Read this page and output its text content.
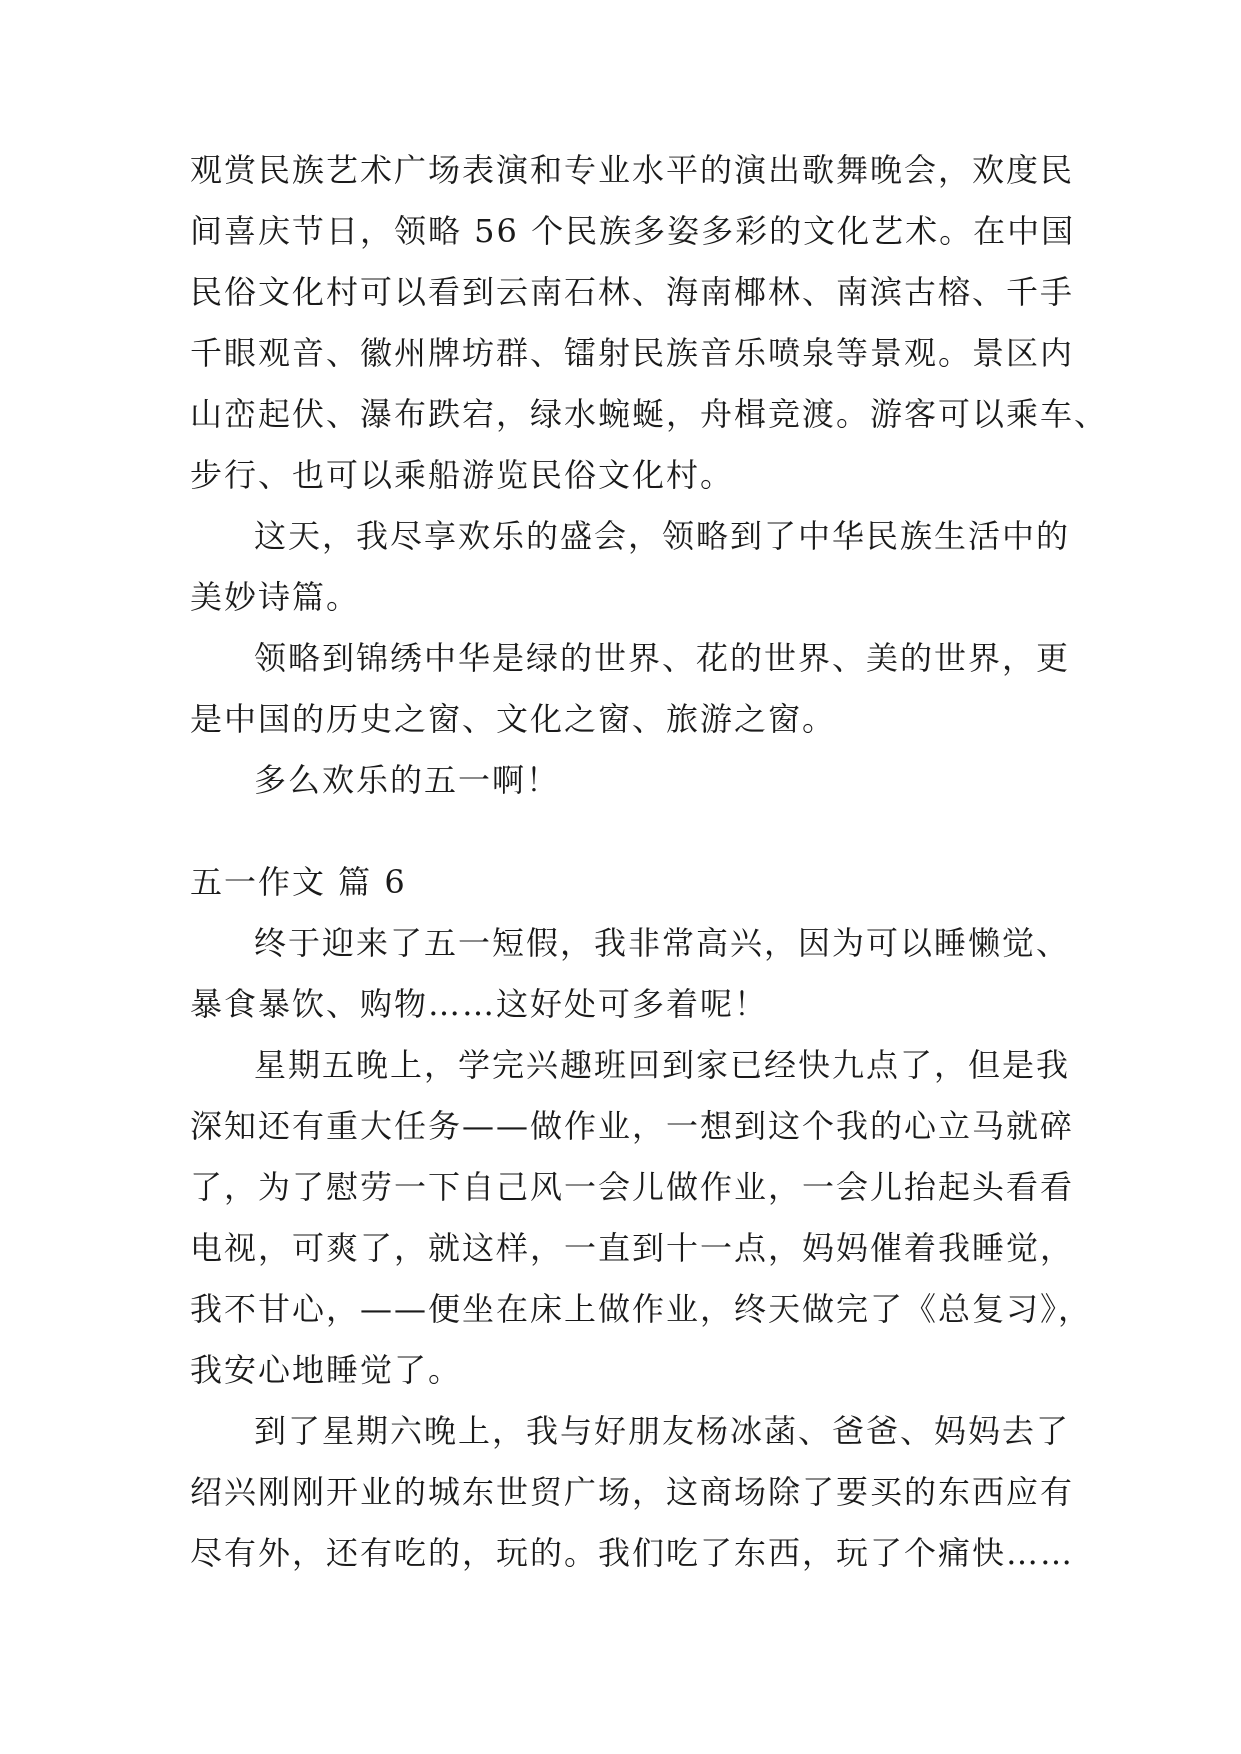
观赏民族艺术广场表演和专业水平的演出歌舞晚会，欢度民
间喜庆节日，领略 56 个民族多姿多彩的文化艺术。在中国
民俗文化村可以看到云南石林、海南椰林、南滨古榕、千手
千眼观音、徽州牌坊群、镭射民族音乐喷泉等景观。景区内
山峦起伏、瀑布跌宕，绿水蜿蜒，舟楫竞渡。游客可以乘车、
步行、也可以乘船游览民俗文化村。
这天，我尽享欢乐的盛会，领略到了中华民族生活中的
美妙诗篇。
领略到锦绣中华是绿的世界、花的世界、美的世界，更
是中国的历史之窗、文化之窗、旅游之窗。
多么欢乐的五一啊！
五一作文 篇 6
终于迎来了五一短假，我非常高兴，因为可以睡懒觉、
暴食暴饮、购物……这好处可多着呢！
星期五晚上，学完兴趣班回到家已经快九点了，但是我
深知还有重大任务——做作业，一想到这个我的心立马就碎
了，为了慰劳一下自己风一会儿做作业，一会儿抬起头看看
电视，可爽了，就这样，一直到十一点，妈妈催着我睡觉，
我不甘心，——便坐在床上做作业，终天做完了《总复习》，
我安心地睡觉了。
到了星期六晚上，我与好朋友杨冰菡、爸爸、妈妈去了
绍兴刚刚开业的城东世贸广场，这商场除了要买的东西应有
尽有外，还有吃的，玩的。我们吃了东西，玩了个痛快……
